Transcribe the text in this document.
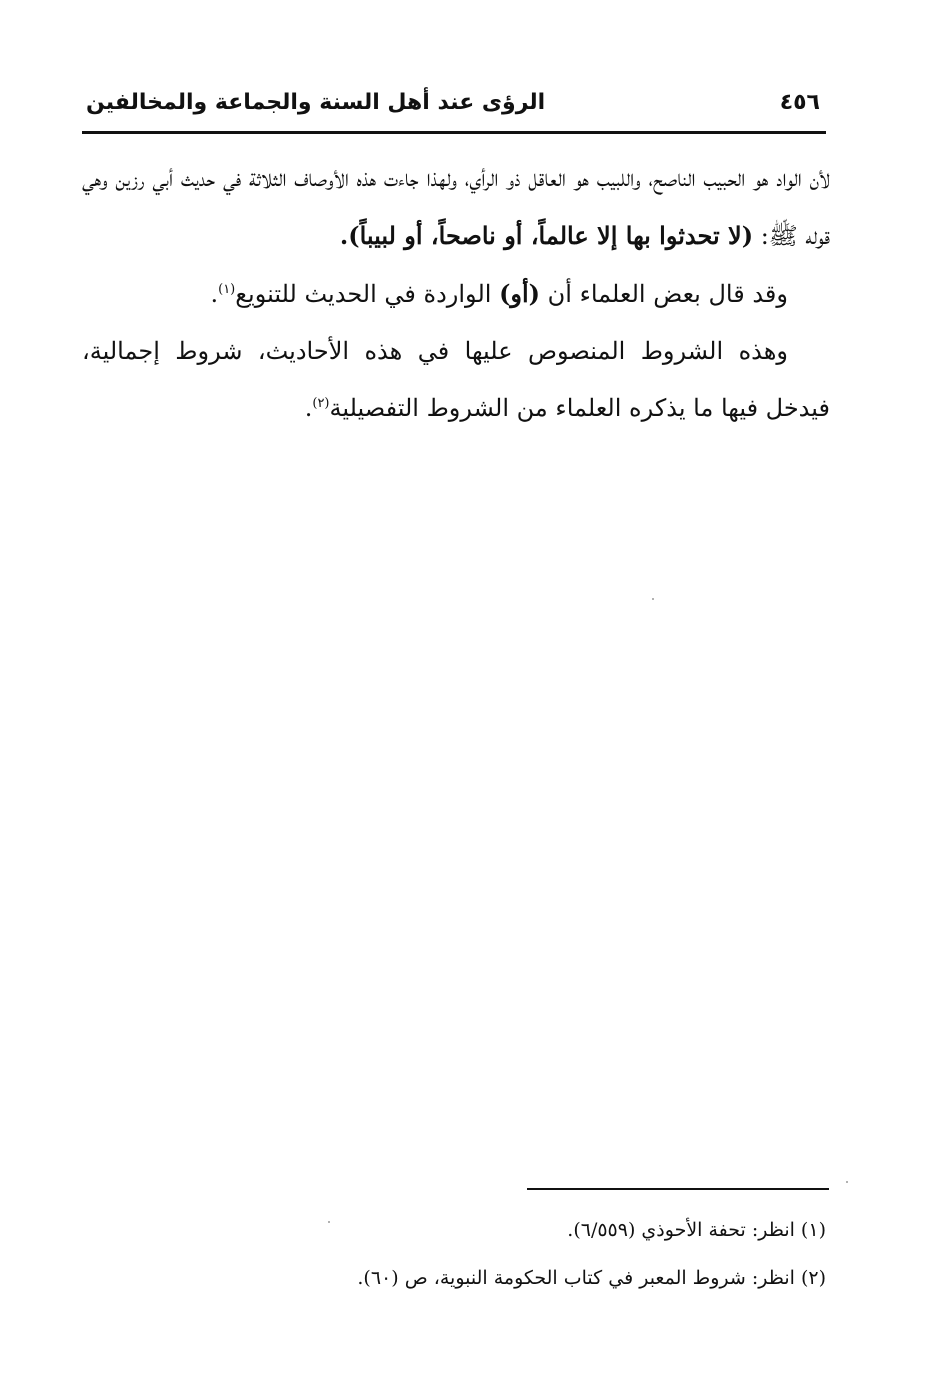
٤٥٦
الرؤى عند أهل السنة والجماعة والمخالفين

لأن الواد هو الحبيب الناصح، واللبيب هو العاقل ذو الرأي، ولهذا جاءت هذه الأوصاف الثلاثة في حديث أبي رزين وهي قوله ﷺ: (لا تحدثوا بها إلا عالماً، أو ناصحاً، أو لبيباً).

وقد قال بعض العلماء أن (أو) الواردة في الحديث للتنويع$^{(١)}$.

وهذه الشروط المنصوص عليها في هذه الأحاديث، شروط إجمالية، فيدخل فيها ما يذكره العلماء من الشروط التفصيلية$^{(٢)}$.

(١) انظر: تحفة الأحوذي (٦/٥٥٩).

(٢) انظر: شروط المعبر في كتاب الحكومة النبوية، ص (٦٠).
